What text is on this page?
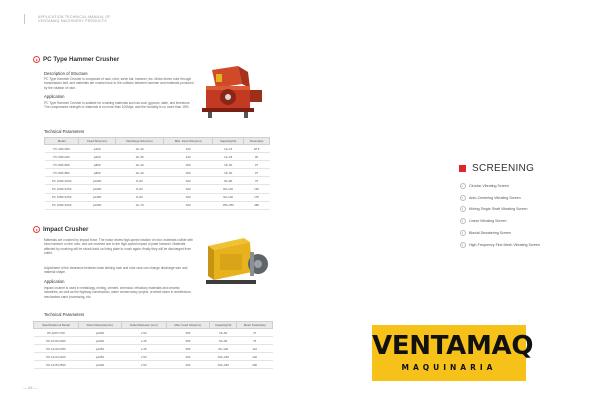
APPLICATION TECHNICAL MANUAL OF
VENTAMAQ MACHINERY PRODUCTS
PC Type Hammer Crusher
Description of Structure
PC Type Hammer Crusher is composed of rack, rotor, sieve bar, hammer, etc. Motor drives rotor through transmission belt, and materials are crushed due to the collision between hammer and materials produced by the rotation of rotor.
Application
PC Type Hammer Crusher is suitable for crushing materials such as coal, gypsum, slate, and limestone. The compressive strength of materials is no more than 100Mpa, and the humidity is no more than 15%.
Technical Parameters
Model	Feed Size(mm)	Discharge Size(mm)	Max. Feed Size(mm)	Capacity(t/h)	Power(kw)
PC 400×300	φ400	10~30	100	10~15	18.5
PC 600×400	φ600	10~35	120	12~18	30
PC 800×600	φ800	10~40	200	15~30	37
PC 800×800	φ800	10~40	200	15~30	37
PC 1000×1000	φ1000	8~60	320	60~80	75
PC 1000×1250	φ1000	8~60	320	80~120	132
PC 1250×1250	φ1250	8~60	320	90~130	176
PC 1600×1600	φ1600	10~70	320	180~250	480
Impact Crusher
Materials are crushed by impact force. The motor drives high-speed rotation of rotor, materials collide with blow hammer on the rotor, and are crushed due to the high-speed impact of plate hammer. Materials affected by crushing will be struck back on lining plate to crush again; finally they will be discharged from outlet.
Adjustment of the clearance between back striking rack and rotor rack can change discharge size and material shape.
Application
Impact crusher is used in metallurgy, mining, cement, chemical, refractory materials and ceramic industries, as well as the highway construction, water conservancy project, crushed stone in architecture, mechanism sand processing, etc.
Technical Parameters
Specification & Model	Rotor Diameter(mm)	Outlet Diameter (mm)	Max. Feed Size(mm)	Capacity(t/h)	Motor Power(kw)
PF-1007×700	φ1000	≤ 50	350	15~50	37
PF-1010×1000	φ1000	≤ 45	350	50~90	75
PF-1210×1050	φ1250	≤ 45	350	60~120	110
PF-1214×1400	φ1250	≤ 50	400	100~180	132
PF-1315×1500	φ1300	≤ 50	400	100~250	200
SCREENING
Circular Vibrating Screen
Auto-Centering Vibrating Screen
Mining Single Shaft Vibrating Screen
Linear Vibrating Screen
Biaxial Dewatering Screen
High-Frequency Fine Mesh Vibrating Screen
VENTAMAQ
MAQUINARIA
— 04 —
